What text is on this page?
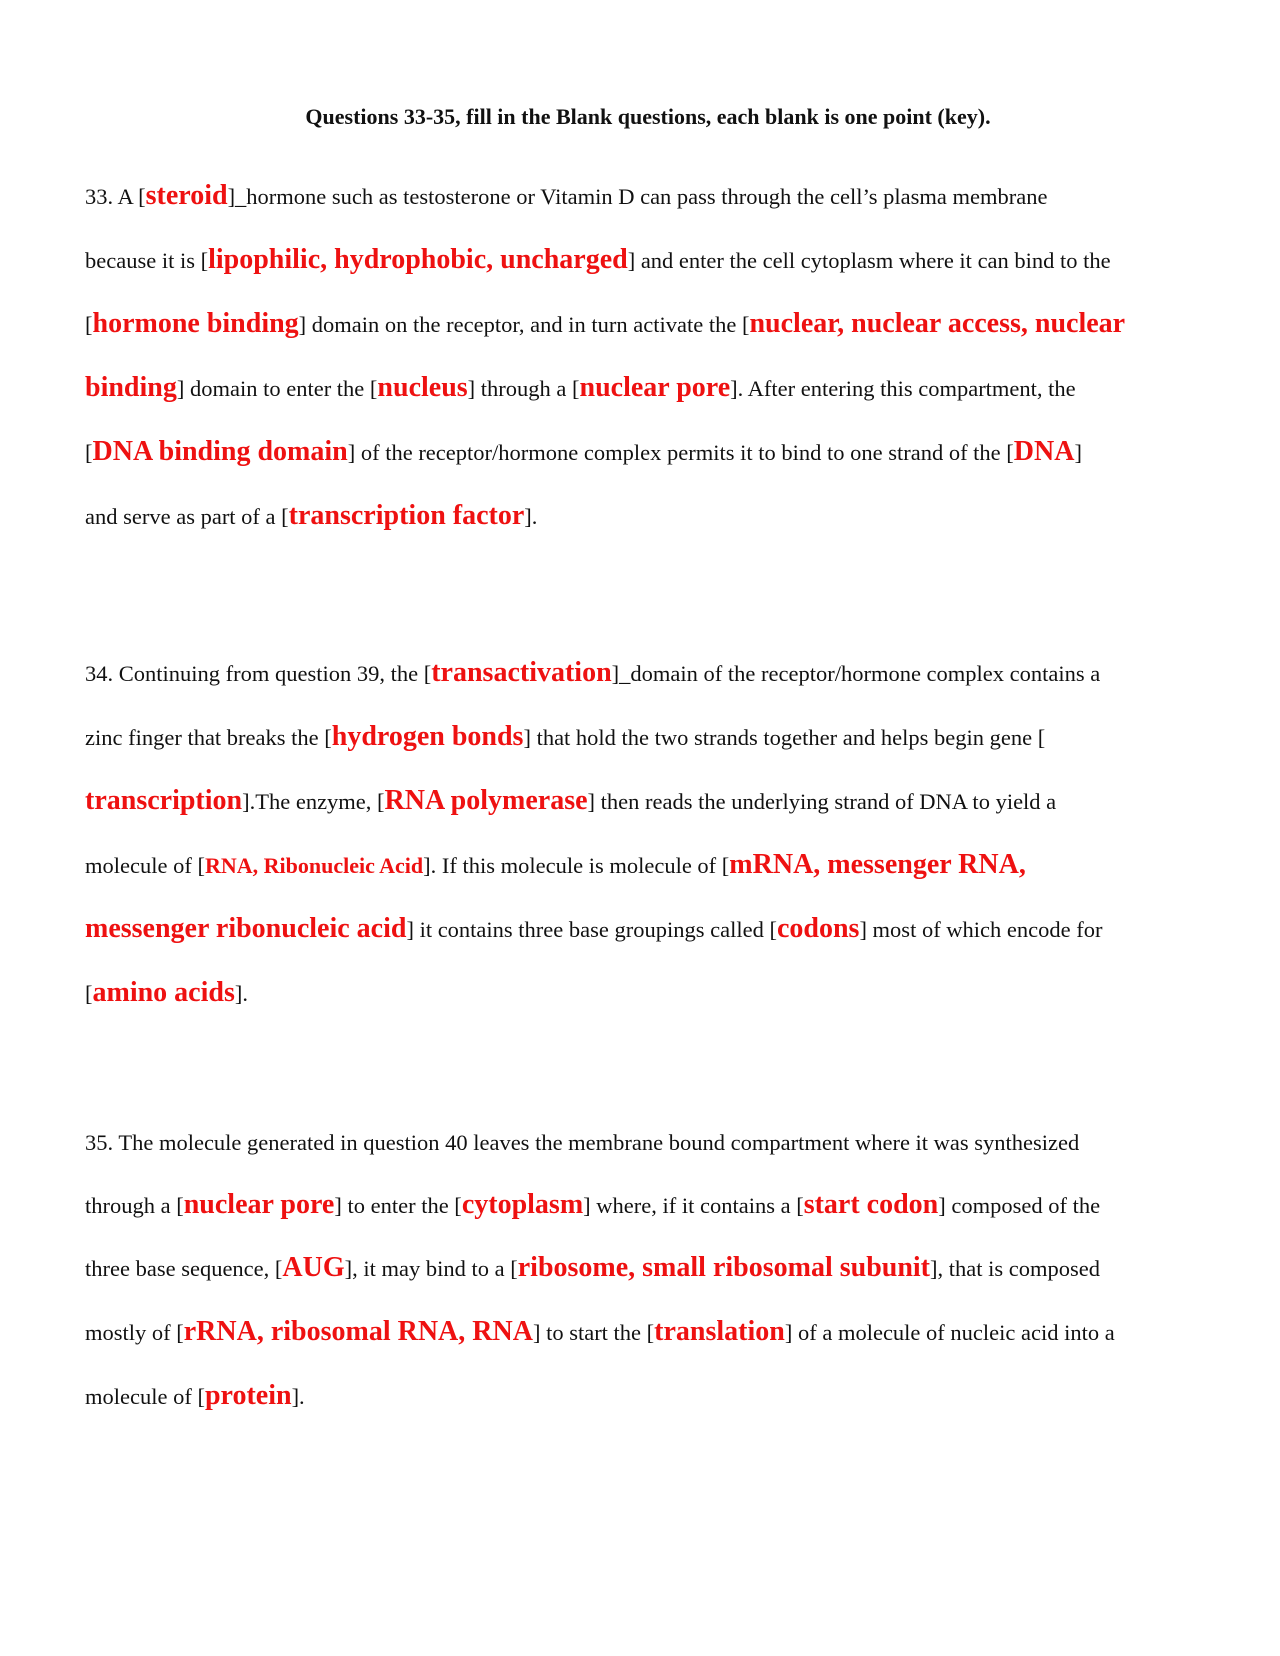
Questions 33-35, fill in the Blank questions, each blank is one point (key).
33. A [steroid]_hormone such as testosterone or Vitamin D can pass through the cell’s plasma membrane
because it is [lipophilic, hydrophobic, uncharged] and enter the cell cytoplasm where it can bind to the
[hormone binding] domain on the receptor, and in turn activate the [nuclear, nuclear access, nuclear
binding] domain to enter the [nucleus] through a [nuclear pore]. After entering this compartment, the
[DNA binding domain] of the receptor/hormone complex permits it to bind to one strand of the [DNA]
and serve as part of a [transcription factor].
34. Continuing from question 39, the [transactivation]_domain of the receptor/hormone complex contains a
zinc finger that breaks the [hydrogen bonds] that hold the two strands together and helps begin gene [
transcription].The enzyme, [RNA polymerase] then reads the underlying strand of DNA to yield a
molecule of [RNA, Ribonucleic Acid]. If this molecule is molecule of [mRNA, messenger RNA,
messenger ribonucleic acid] it contains three base groupings called [codons] most of which encode for
[amino acids].
35. The molecule generated in question 40 leaves the membrane bound compartment where it was synthesized
through a [nuclear pore] to enter the [cytoplasm] where, if it contains a [start codon] composed of the
three base sequence, [AUG], it may bind to a [ribosome, small ribosomal subunit], that is composed
mostly of [rRNA, ribosomal RNA, RNA] to start the [translation] of a molecule of nucleic acid into a
molecule of [protein].
